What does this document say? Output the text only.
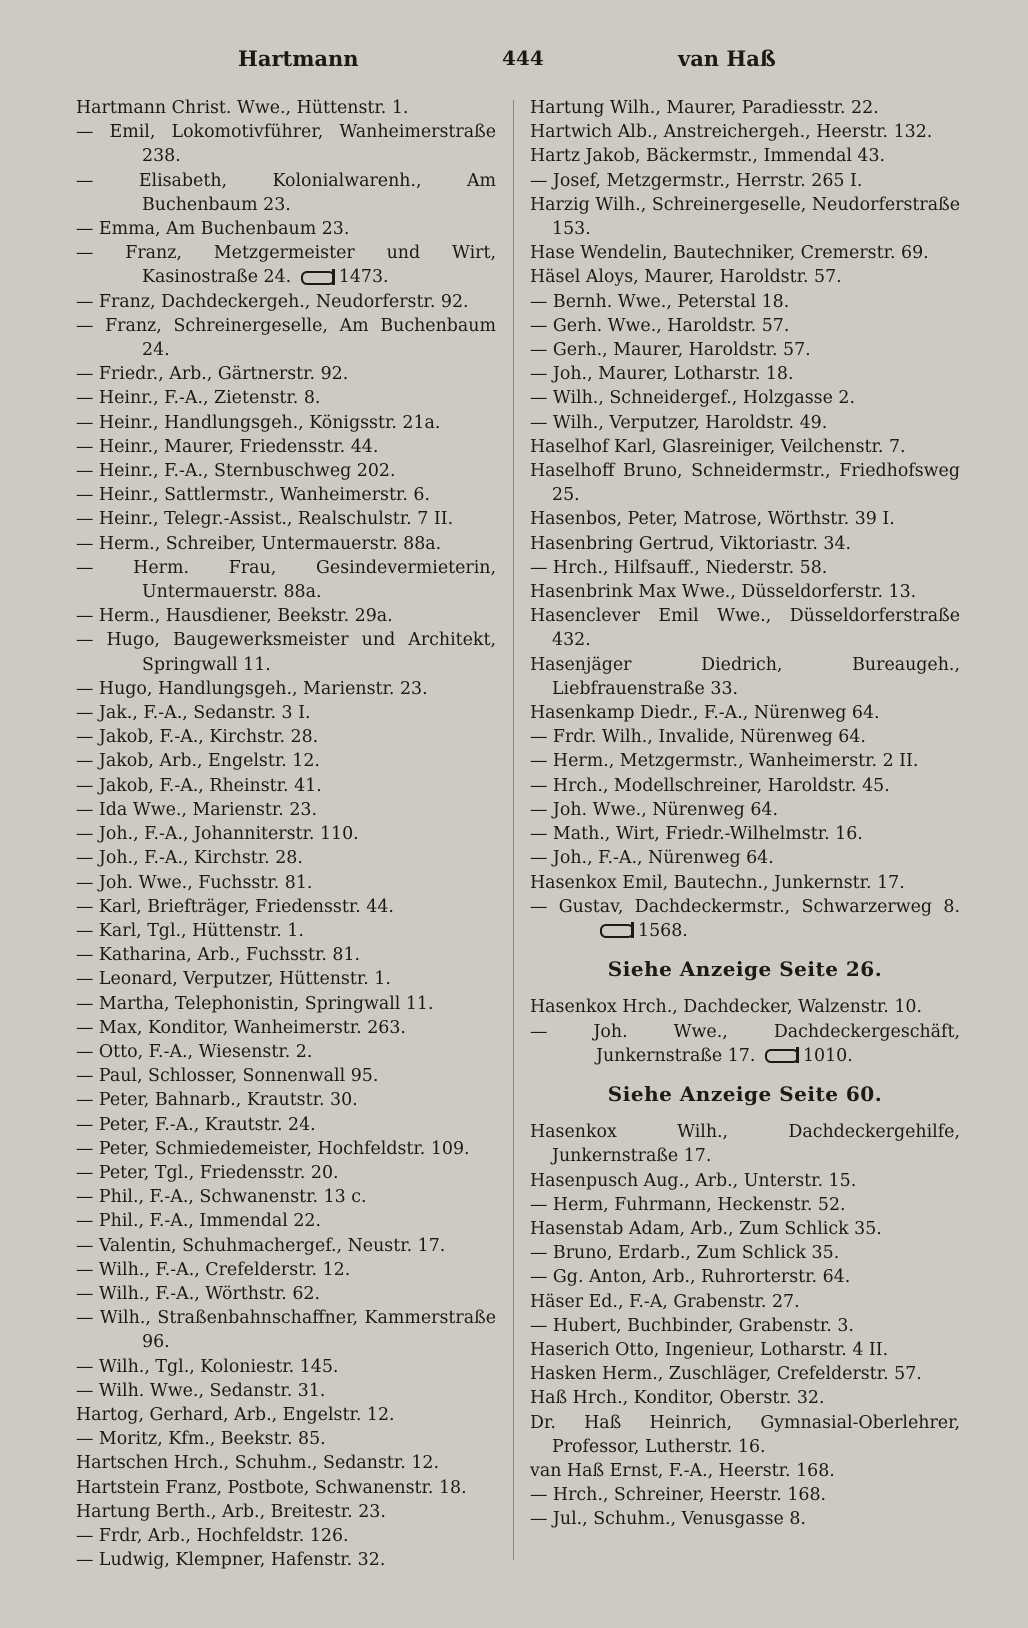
Hartmann	444	van Haß
Hartmann Christ. Wwe., Hüttenstr. 1.
— Emil, Lokomotivführer, Wanheimerstraße 238.
— Elisabeth, Kolonialwarenh., Am Buchenbaum 23.
— Emma, Am Buchenbaum 23.
— Franz, Metzgermeister und Wirt, Kasinostraße 24.	1473.
— Franz, Dachdeckergeh., Neudorferstr. 92.
— Franz, Schreinergeselle, Am Buchenbaum 24.
— Friedr., Arb., Gärtnerstr. 92.
— Heinr., F.-A., Zietenstr. 8.
— Heinr., Handlungsgeh., Königsstr. 21a.
— Heinr., Maurer, Friedensstr. 44.
— Heinr., F.-A., Sternbuschweg 202.
— Heinr., Sattlermstr., Wanheimerstr. 6.
— Heinr., Telegr.-Assist., Realschulstr. 7 II.
— Herm., Schreiber, Untermauerstr. 88a.
— Herm. Frau, Gesindevermieterin, Untermauerstr. 88a.
— Herm., Hausdiener, Beekstr. 29a.
— Hugo, Baugewerksmeister und Architekt, Springwall 11.
— Hugo, Handlungsgeh., Marienstr. 23.
— Jak., F.-A., Sedanstr. 3 I.
— Jakob, F.-A., Kirchstr. 28.
— Jakob, Arb., Engelstr. 12.
— Jakob, F.-A., Rheinstr. 41.
— Ida Wwe., Marienstr. 23.
— Joh., F.-A., Johanniterstr. 110.
— Joh., F.-A., Kirchstr. 28.
— Joh. Wwe., Fuchsstr. 81.
— Karl, Briefträger, Friedensstr. 44.
— Karl, Tgl., Hüttenstr. 1.
— Katharina, Arb., Fuchsstr. 81.
— Leonard, Verputzer, Hüttenstr. 1.
— Martha, Telephonistin, Springwall 11.
— Max, Konditor, Wanheimerstr. 263.
— Otto, F.-A., Wiesenstr. 2.
— Paul, Schlosser, Sonnenwall 95.
— Peter, Bahnarb., Krautstr. 30.
— Peter, F.-A., Krautstr. 24.
— Peter, Schmiedemeister, Hochfeldstr. 109.
— Peter, Tgl., Friedensstr. 20.
— Phil., F.-A., Schwanenstr. 13 c.
— Phil., F.-A., Immendal 22.
— Valentin, Schuhmachergef., Neustr. 17.
— Wilh., F.-A., Crefelderstr. 12.
— Wilh., F.-A., Wörthstr. 62.
— Wilh., Straßenbahnschaffner, Kammerstraße 96.
— Wilh., Tgl., Koloniestr. 145.
— Wilh. Wwe., Sedanstr. 31.
Hartog, Gerhard, Arb., Engelstr. 12.
— Moritz, Kfm., Beekstr. 85.
Hartschen Hrch., Schuhm., Sedanstr. 12.
Hartstein Franz, Postbote, Schwanenstr. 18.
Hartung Berth., Arb., Breitestr. 23.
— Frdr, Arb., Hochfeldstr. 126.
— Ludwig, Klempner, Hafenstr. 32.
Hartung Wilh., Maurer, Paradiesstr. 22.
Hartwich Alb., Anstreichergeh., Heerstr. 132.
Hartz Jakob, Bäckermstr., Immendal 43.
— Josef, Metzgermstr., Herrstr. 265 I.
Harzig Wilh., Schreinergeselle, Neudorferstraße 153.
Hase Wendelin, Bautechniker, Cremerstr. 69.
Häsel Aloys, Maurer, Haroldstr. 57.
— Bernh. Wwe., Peterstal 18.
— Gerh. Wwe., Haroldstr. 57.
— Gerh., Maurer, Haroldstr. 57.
— Joh., Maurer, Lotharstr. 18.
— Wilh., Schneidergef., Holzgasse 2.
— Wilh., Verputzer, Haroldstr. 49.
Haselhof Karl, Glasreiniger, Veilchenstr. 7.
Haselhoff Bruno, Schneidermstr., Friedhofsweg 25.
Hasenbos, Peter, Matrose, Wörthstr. 39 I.
Hasenbring Gertrud, Viktoriastr. 34.
— Hrch., Hilfsauff., Niederstr. 58.
Hasenbrink Max Wwe., Düsseldorferstr. 13.
Hasenclever Emil Wwe., Düsseldorferstraße 432.
Hasenjäger Diedrich, Bureaugeh., Liebfrauenstraße 33.
Hasenkamp Diedr., F.-A., Nürenweg 64.
— Frdr. Wilh., Invalide, Nürenweg 64.
— Herm., Metzgermstr., Wanheimerstr. 2 II.
— Hrch., Modellschreiner, Haroldstr. 45.
— Joh. Wwe., Nürenweg 64.
— Math., Wirt, Friedr.-Wilhelmstr. 16.
— Joh., F.-A., Nürenweg 64.
Hasenkox Emil, Bautechn., Junkernstr. 17.
— Gustav, Dachdeckermstr., Schwarzerweg 8. 1568.
Siehe Anzeige Seite 26.
Hasenkox Hrch., Dachdecker, Walzenstr. 10.
— Joh. Wwe., Dachdeckergeschäft, Junkernstraße 17.	1010.
Siehe Anzeige Seite 60.
Hasenkox Wilh., Dachdeckergehilfe, Junkernstraße 17.
Hasenpusch Aug., Arb., Unterstr. 15.
— Herm, Fuhrmann, Heckenstr. 52.
Hasenstab Adam, Arb., Zum Schlick 35.
— Bruno, Erdarb., Zum Schlick 35.
— Gg. Anton, Arb., Ruhrorterstr. 64.
Häser Ed., F.-A, Grabenstr. 27.
— Hubert, Buchbinder, Grabenstr. 3.
Haserich Otto, Ingenieur, Lotharstr. 4 II.
Hasken Herm., Zuschläger, Crefelderstr. 57.
Haß Hrch., Konditor, Oberstr. 32.
Dr. Haß Heinrich, Gymnasial-Oberlehrer, Professor, Lutherstr. 16.
van Haß Ernst, F.-A., Heerstr. 168.
— Hrch., Schreiner, Heerstr. 168.
— Jul., Schuhm., Venusgasse 8.
